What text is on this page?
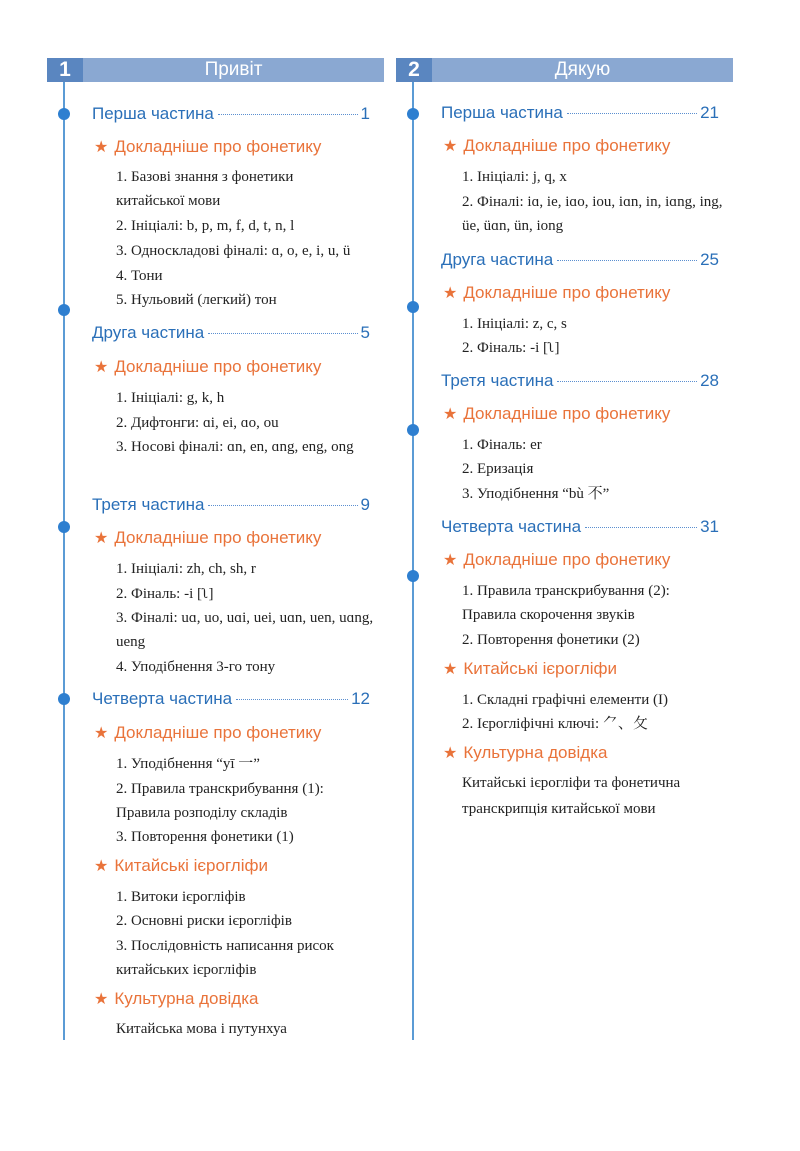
1	Привіт
Перша частина	1
★ Докладніше про фонетику
1. Базові знання з фонетики китайської мови
2. Ініціалі: b, p, m, f, d, t, n, l
3. Односкладові фіналі: ɑ, o, e, i, u, ü
4. Тони
5. Нульовий (легкий) тон
Друга частина	5
★ Докладніше про фонетику
1. Ініціалі: g, k, h
2. Дифтонги: ɑi, ei, ɑo, ou
3. Носові фіналі: ɑn, en, ɑng, eng, ong
Третя частина	9
★ Докладніше про фонетику
1. Ініціалі: zh, ch, sh, r
2. Фіналь: -i [ʅ]
3. Фіналі: uɑ, uo, uɑi, uei, uɑn, uen, uɑng, ueng
4. Уподібнення 3-го тону
Четверта частина	12
★ Докладніше про фонетику
1. Уподібнення “yī 一”
2. Правила транскрибування (1): Правила розподілу складів
3. Повторення фонетики (1)
★ Китайські ієрогліфи
1. Витоки ієрогліфів
2. Основні риски ієрогліфів
3. Послідовність написання рисок китайських ієрогліфів
★ Культурна довідка
Китайська мова і путунхуа
2	Дякую
Перша частина	21
★ Докладніше про фонетику
1. Ініціалі: j, q, x
2. Фіналі: iɑ, ie, iɑo, iou, iɑn, in, iɑng, ing, üe, üɑn, ün, iong
Друга частина	25
★ Докладніше про фонетику
1. Ініціалі: z, c, s
2. Фіналь: -i [ʅ]
Третя частина	28
★ Докладніше про фонетику
1. Фіналь: er
2. Еризація
3. Уподібнення “bù 不”
Четверта частина	31
★ Докладніше про фонетику
1. Правила транскрибування (2): Правила скорочення звуків
2. Повторення фонетики (2)
★ Китайські ієрогліфи
1. Складні графічні елементи (І)
2. Ієрогліфічні ключі: ⺈、⺙
★ Культурна довідка
Китайські ієрогліфи та фонетична транскрипція китайської мови
